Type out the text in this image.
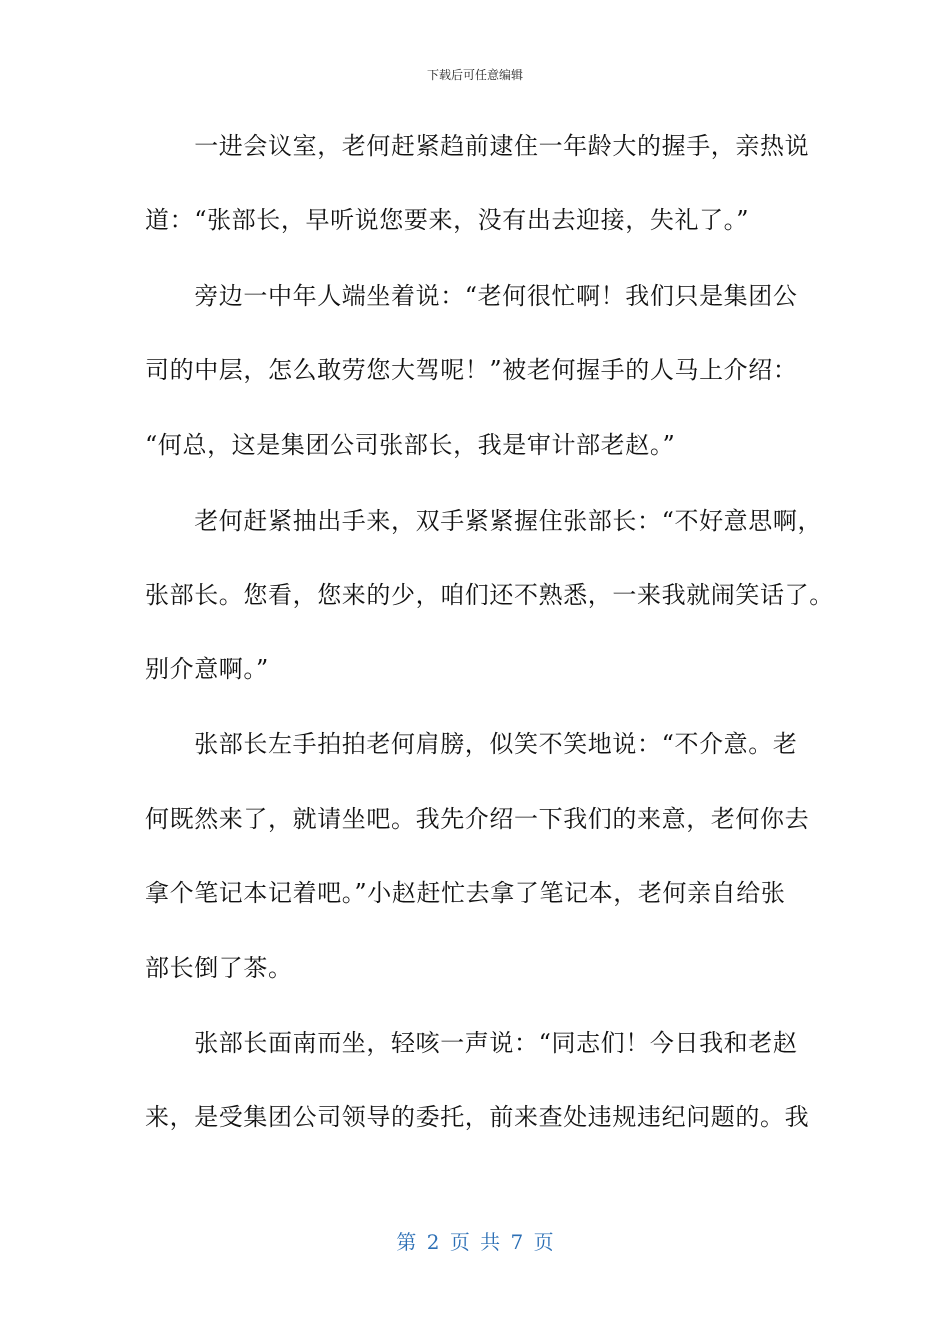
下载后可任意编辑
　　一进会议室，老何赶紧趋前逮住一年龄大的握手，亲热说
道：“张部长，早听说您要来，没有出去迎接，失礼了。”
　　旁边一中年人端坐着说：“老何很忙啊！我们只是集团公
司的中层，怎么敢劳您大驾呢！”被老何握手的人马上介绍：
“何总，这是集团公司张部长，我是审计部老赵。”
　　老何赶紧抽出手来，双手紧紧握住张部长：“不好意思啊，
张部长。您看，您来的少，咱们还不熟悉，一来我就闹笑话了。
别介意啊。”
　　张部长左手拍拍老何肩膀，似笑不笑地说：“不介意。老
何既然来了，就请坐吧。我先介绍一下我们的来意，老何你去
拿个笔记本记着吧。”小赵赶忙去拿了笔记本，老何亲自给张
部长倒了茶。
　　张部长面南而坐，轻咳一声说：“同志们！今日我和老赵
来，是受集团公司领导的委托，前来查处违规违纪问题的。我
第 2 页 共 7 页
